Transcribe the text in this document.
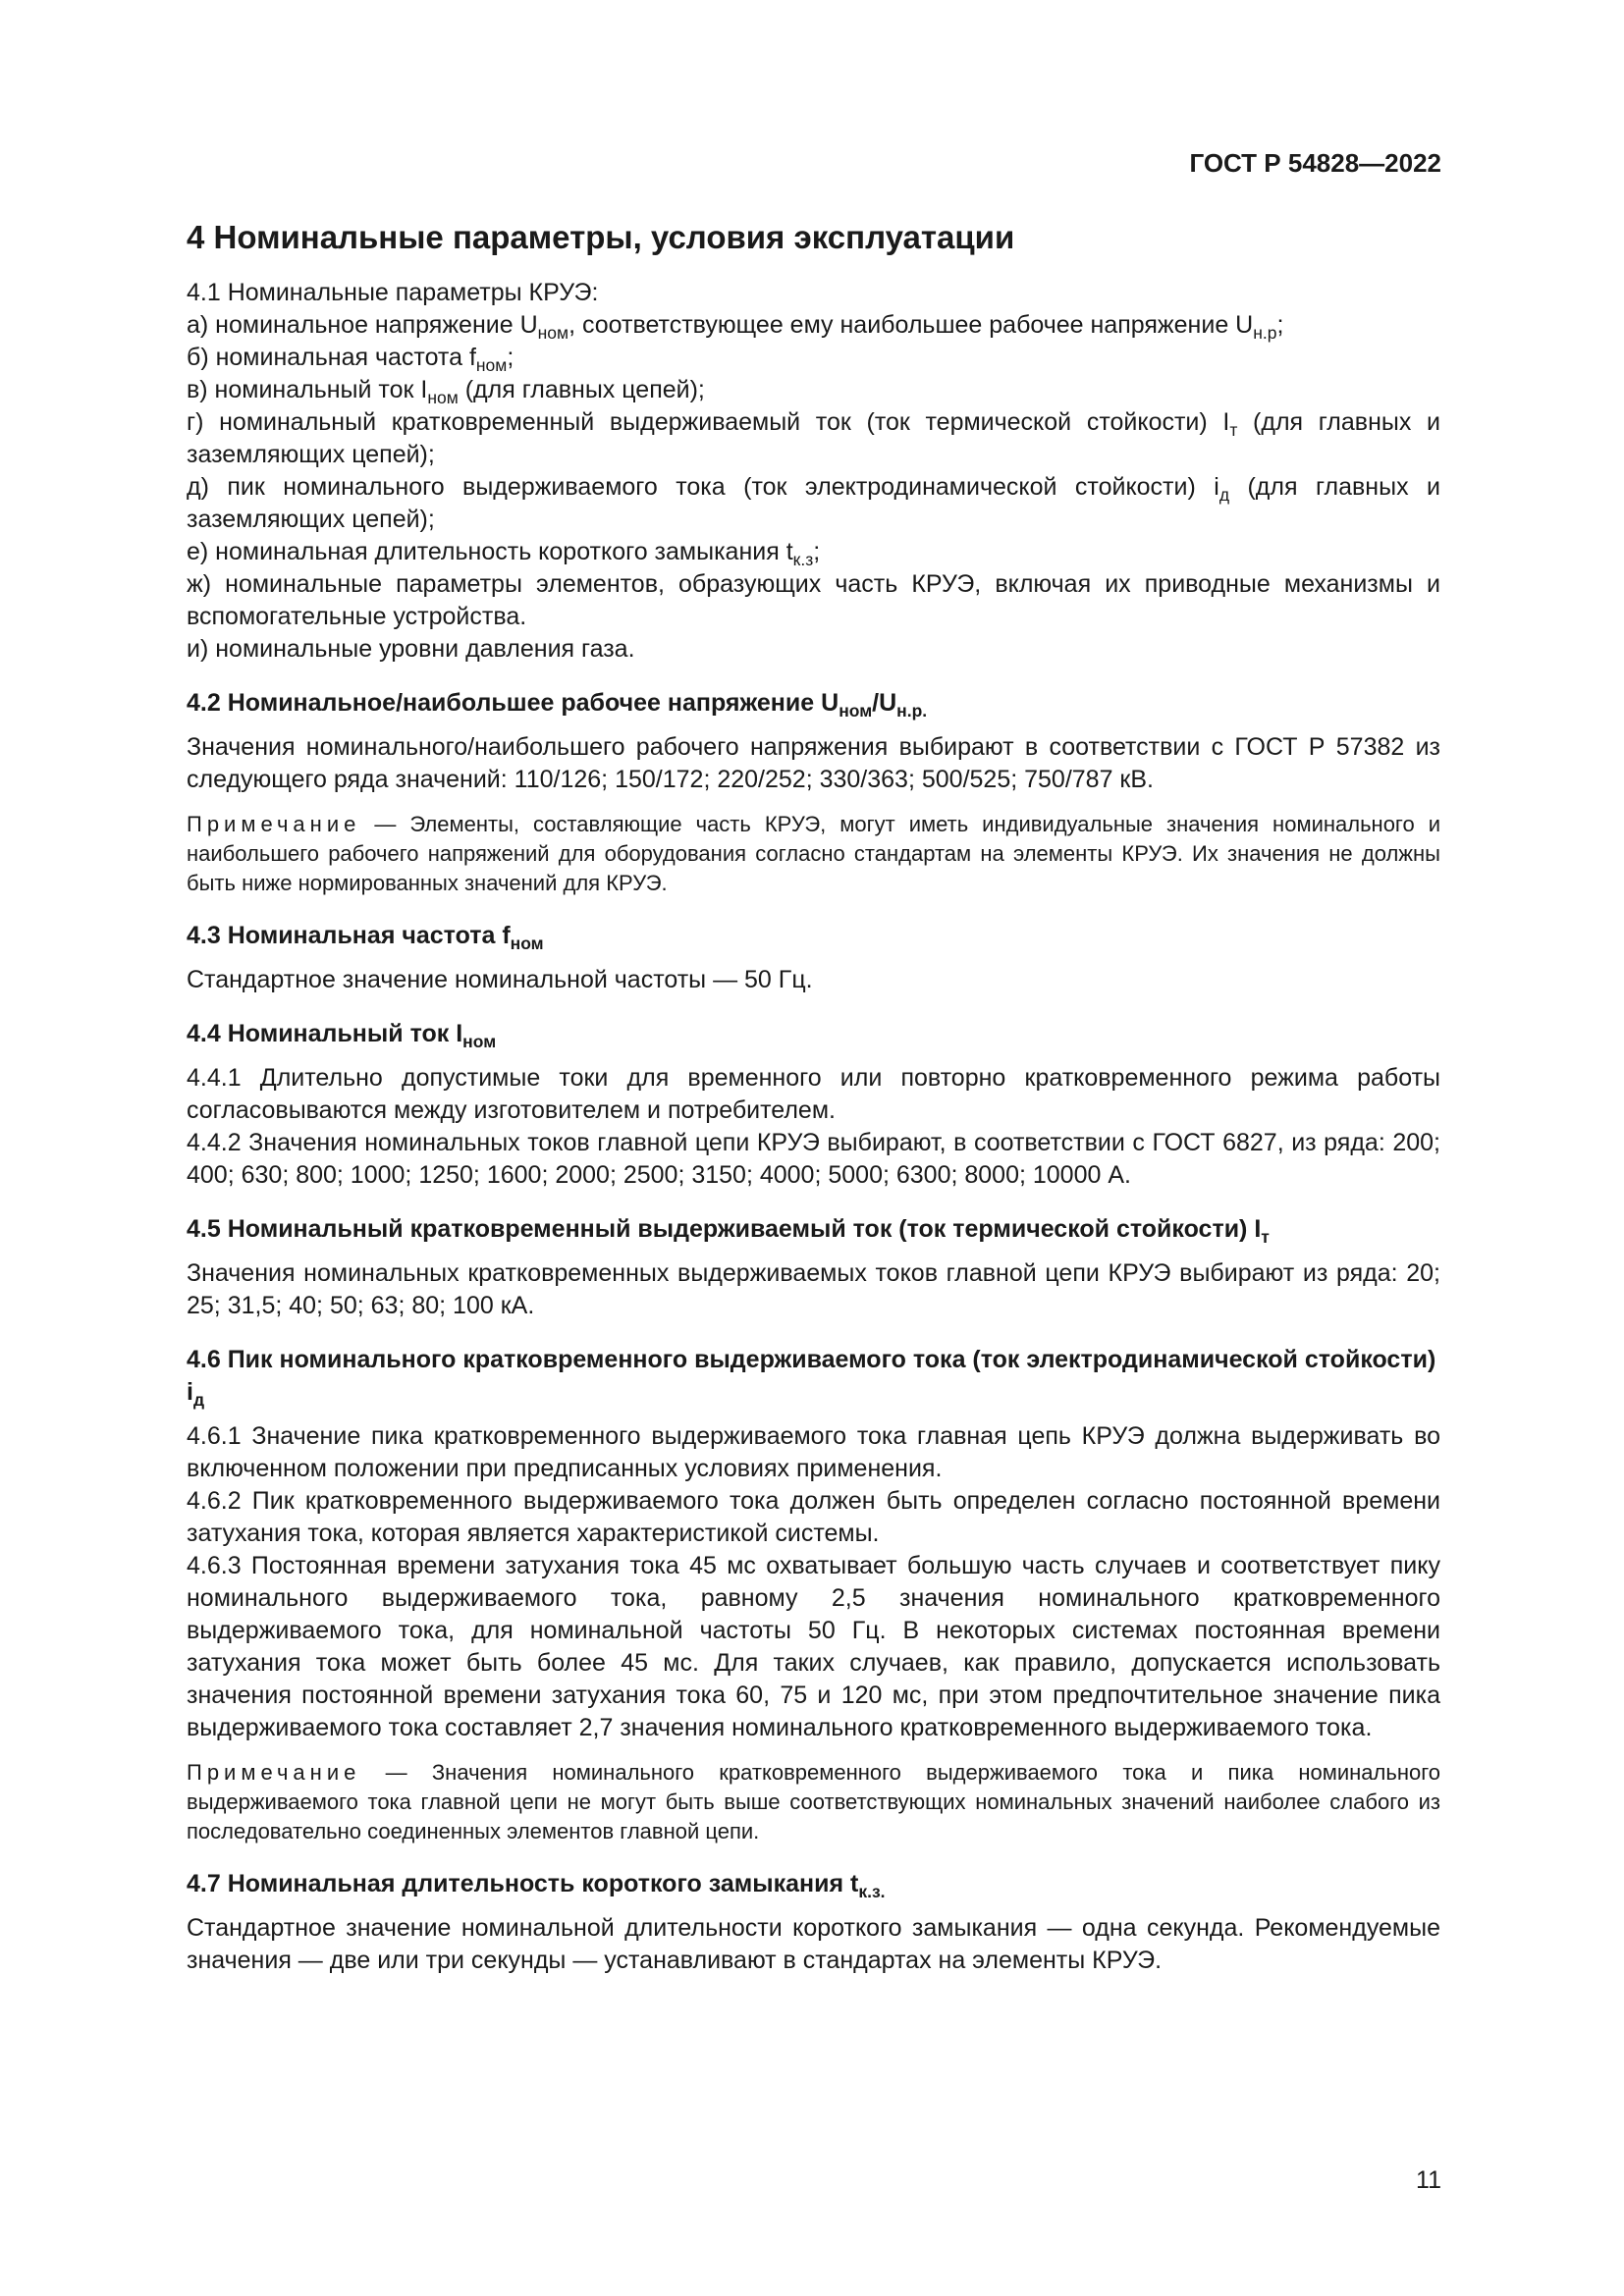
ГОСТ Р 54828—2022
4 Номинальные параметры, условия эксплуатации

4.1 Номинальные параметры КРУЭ:

а) номинальное напряжение $U_{ном}$, соответствующее ему наибольшее рабочее напряжение $U_{н.р}$;

б) номинальная частота $f_{ном}$;

в) номинальный ток $I_{ном}$ (для главных цепей);

г) номинальный кратковременный выдерживаемый ток (ток термической стойкости) $I_т$ (для главных и заземляющих цепей);

д) пик номинального выдерживаемого тока (ток электродинамической стойкости) $i_д$ (для главных и заземляющих цепей);

е) номинальная длительность короткого замыкания $t_{к.з}$;

ж) номинальные параметры элементов, образующих часть КРУЭ, включая их приводные механизмы и вспомогательные устройства.

и) номинальные уровни давления газа.

4.2 Номинальное/наибольшее рабочее напряжение $U_{ном}/U_{н.р.}$

Значения номинального/наибольшего рабочего напряжения выбирают в соответствии с ГОСТ Р 57382 из следующего ряда значений: 110/126; 150/172; 220/252; 330/363; 500/525; 750/787 кВ.

Примечание — Элементы, составляющие часть КРУЭ, могут иметь индивидуальные значения номинального и наибольшего рабочего напряжений для оборудования согласно стандартам на элементы КРУЭ. Их значения не должны быть ниже нормированных значений для КРУЭ.
4.3 Номинальная частота $f_{ном}$

Стандартное значение номинальной частоты — 50 Гц.

4.4 Номинальный ток $I_{ном}$

4.4.1 Длительно допустимые токи для временного или повторно кратковременного режима работы согласовываются между изготовителем и потребителем.

4.4.2 Значения номинальных токов главной цепи КРУЭ выбирают, в соответствии с ГОСТ 6827, из ряда: 200; 400; 630; 800; 1000; 1250; 1600; 2000; 2500; 3150; 4000; 5000; 6300; 8000; 10000 А.

4.5 Номинальный кратковременный выдерживаемый ток (ток термической стойкости) $I_т$

Значения номинальных кратковременных выдерживаемых токов главной цепи КРУЭ выбирают из ряда: 20; 25; 31,5; 40; 50; 63; 80; 100 кА.

4.6 Пик номинального кратковременного выдерживаемого тока (ток электродинамической стойкости) $i_д$

4.6.1 Значение пика кратковременного выдерживаемого тока главная цепь КРУЭ должна выдерживать во включенном положении при предписанных условиях применения.

4.6.2 Пик кратковременного выдерживаемого тока должен быть определен согласно постоянной времени затухания тока, которая является характеристикой системы.

4.6.3 Постоянная времени затухания тока 45 мс охватывает большую часть случаев и соответствует пику номинального выдерживаемого тока, равному 2,5 значения номинального кратковременного выдерживаемого тока, для номинальной частоты 50 Гц. В некоторых системах постоянная времени затухания тока может быть более 45 мс. Для таких случаев, как правило, допускается использовать значения постоянной времени затухания тока 60, 75 и 120 мс, при этом предпочтительное значение пика выдерживаемого тока составляет 2,7 значения номинального кратковременного выдерживаемого тока.

Примечание — Значения номинального кратковременного выдерживаемого тока и пика номинального выдерживаемого тока главной цепи не могут быть выше соответствующих номинальных значений наиболее слабого из последовательно соединенных элементов главной цепи.
4.7 Номинальная длительность короткого замыкания $t_{к.з.}$

Стандартное значение номинальной длительности короткого замыкания — одна секунда. Рекомендуемые значения — две или три секунды — устанавливают в стандартах на элементы КРУЭ.

11
